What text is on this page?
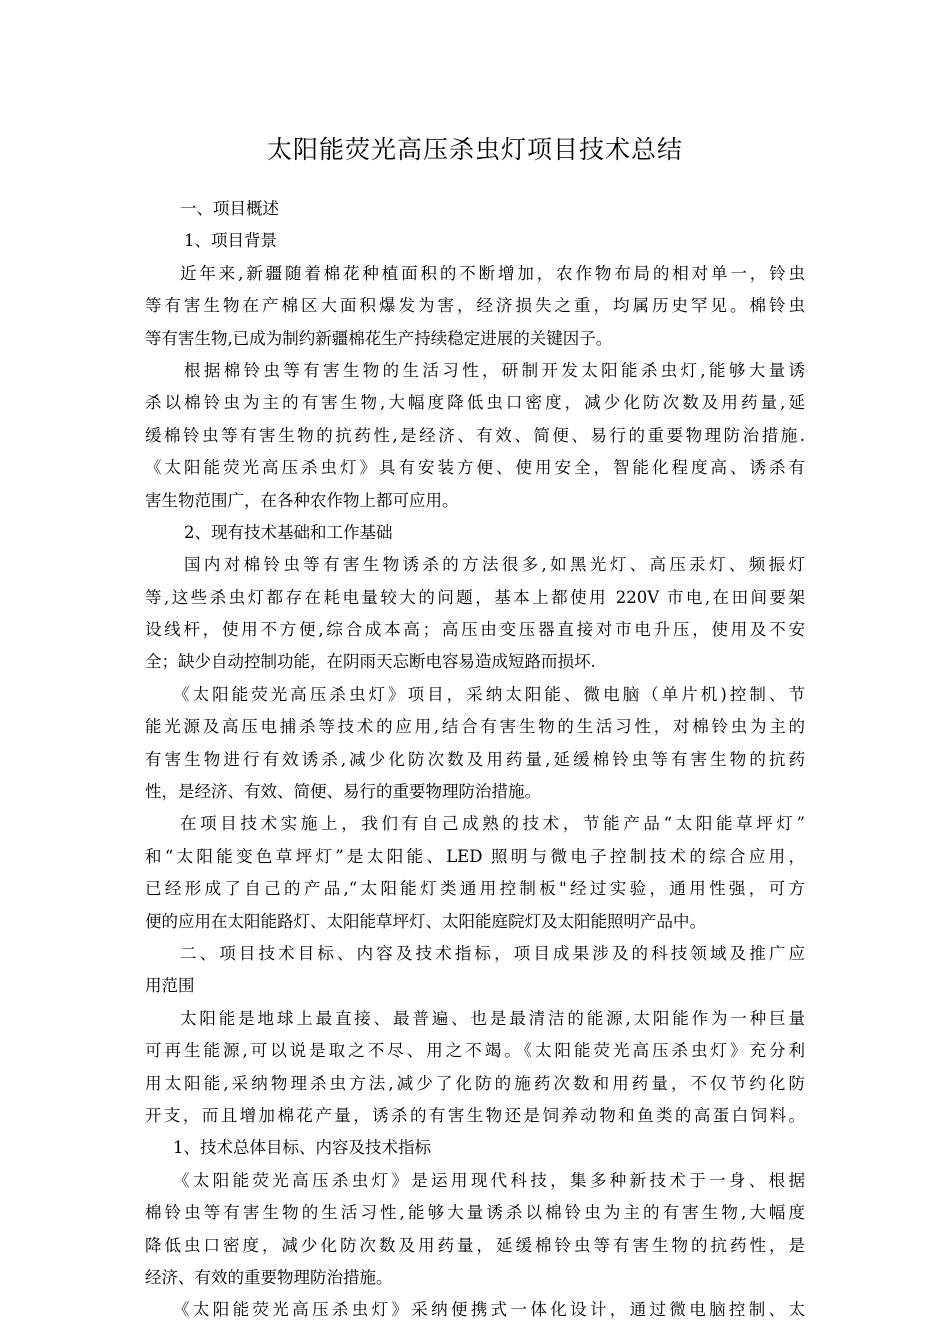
太阳能荧光高压杀虫灯项目技术总结
一、项目概述
1、项目背景
近年来,新疆随着棉花种植面积的不断增加，农作物布局的相对单一，铃虫
等有害生物在产棉区大面积爆发为害，经济损失之重，均属历史罕见。棉铃虫
等有害生物,已成为制约新疆棉花生产持续稳定进展的关键因子。
根据棉铃虫等有害生物的生活习性，研制开发太阳能杀虫灯,能够大量诱
杀以棉铃虫为主的有害生物,大幅度降低虫口密度，减少化防次数及用药量,延
缓棉铃虫等有害生物的抗药性,是经济、有效、简便、易行的重要物理防治措施.
《太阳能荧光高压杀虫灯》具有安装方便、使用安全，智能化程度高、诱杀有
害生物范围广，在各种农作物上都可应用。
2、现有技术基础和工作基础
国内对棉铃虫等有害生物诱杀的方法很多,如黑光灯、高压汞灯、频振灯
等,这些杀虫灯都存在耗电量较大的问题，基本上都使用 220V 市电,在田间要架
设线杆，使用不方便,综合成本高；高压由变压器直接对市电升压，使用及不安
全；缺少自动控制功能，在阴雨天忘断电容易造成短路而损坏.
《太阳能荧光高压杀虫灯》项目，采纳太阳能、微电脑（单片机)控制、节
能光源及高压电捕杀等技术的应用,结合有害生物的生活习性，对棉铃虫为主的
有害生物进行有效诱杀,减少化防次数及用药量,延缓棉铃虫等有害生物的抗药
性，是经济、有效、简便、易行的重要物理防治措施。
在项目技术实施上，我们有自己成熟的技术，节能产品“太阳能草坪灯”
和“太阳能变色草坪灯”是太阳能、LED 照明与微电子控制技术的综合应用，
已经形成了自己的产品,“太阳能灯类通用控制板"经过实验，通用性强，可方
便的应用在太阳能路灯、太阳能草坪灯、太阳能庭院灯及太阳能照明产品中。
二、项目技术目标、内容及技术指标，项目成果涉及的科技领域及推广应
用范围
太阳能是地球上最直接、最普遍、也是最清洁的能源,太阳能作为一种巨量
可再生能源,可以说是取之不尽、用之不竭。《太阳能荧光高压杀虫灯》充分利
用太阳能,采纳物理杀虫方法,减少了化防的施药次数和用药量，不仅节约化防
开支，而且增加棉花产量，诱杀的有害生物还是饲养动物和鱼类的高蛋白饲料。
1、技术总体目标、内容及技术指标
《太阳能荧光高压杀虫灯》是运用现代科技，集多种新技术于一身、根据
棉铃虫等有害生物的生活习性,能够大量诱杀以棉铃虫为主的有害生物,大幅度
降低虫口密度，减少化防次数及用药量，延缓棉铃虫等有害生物的抗药性，是
经济、有效的重要物理防治措施。
《太阳能荧光高压杀虫灯》采纳便携式一体化设计，通过微电脑控制、太
